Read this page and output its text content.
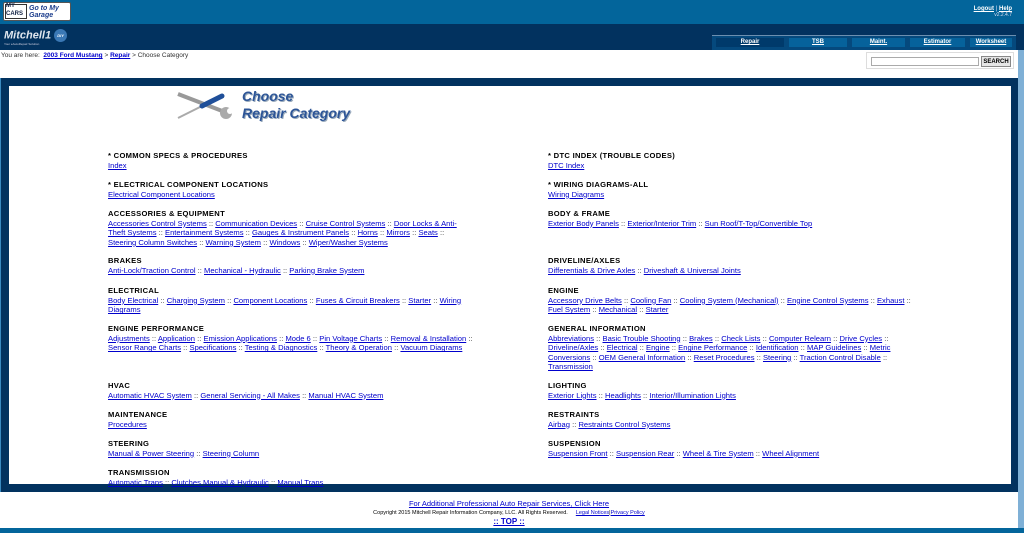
MY CARS
Go to My Garage
Logout | Help
v2.2.4.7
Mitchell1 DIY
Your eAutoRepair Solution	Repair	TSB	Maint.	Estimator	Worksheet
You are here: 2003 Ford Mustang > Repair > Choose Category
SEARCH
Choose
Repair Category
* COMMON SPECS & PROCEDURES
Index
* ELECTRICAL COMPONENT LOCATIONS
Electrical Component Locations
ACCESSORIES & EQUIPMENT
Accessories Control Systems :: Communication Devices :: Cruise Control Systems :: Door Locks & Anti-Theft Systems :: Entertainment Systems :: Gauges & Instrument Panels :: Horns :: Mirrors :: Seats :: Steering Column Switches :: Warning System :: Windows :: Wiper/Washer Systems
BRAKES
Anti-Lock/Traction Control :: Mechanical - Hydraulic :: Parking Brake System
ELECTRICAL
Body Electrical :: Charging System :: Component Locations :: Fuses & Circuit Breakers :: Starter :: Wiring Diagrams
ENGINE PERFORMANCE
Adjustments :: Application :: Emission Applications :: Mode 6 :: Pin Voltage Charts :: Removal & Installation :: Sensor Range Charts :: Specifications :: Testing & Diagnostics :: Theory & Operation :: Vacuum Diagrams
HVAC
Automatic HVAC System :: General Servicing - All Makes :: Manual HVAC System
MAINTENANCE
Procedures
STEERING
Manual & Power Steering :: Steering Column
TRANSMISSION
Automatic Trans :: Clutches Manual & Hydraulic :: Manual Trans
* DTC INDEX (TROUBLE CODES)
DTC Index
* WIRING DIAGRAMS-ALL
Wiring Diagrams
BODY & FRAME
Exterior Body Panels :: Exterior/Interior Trim :: Sun Roof/T-Top/Convertible Top
DRIVELINE/AXLES
Differentials & Drive Axles :: Driveshaft & Universal Joints
ENGINE
Accessory Drive Belts :: Cooling Fan :: Cooling System (Mechanical) :: Engine Control Systems :: Exhaust :: Fuel System :: Mechanical :: Starter
GENERAL INFORMATION
Abbreviations :: Basic Trouble Shooting :: Brakes :: Check Lists :: Computer Relearn :: Drive Cycles :: Driveline/Axles :: Electrical :: Engine :: Engine Performance :: Identification :: MAP Guidelines :: Metric Conversions :: OEM General Information :: Reset Procedures :: Steering :: Traction Control Disable :: Transmission
LIGHTING
Exterior Lights :: Headlights :: Interior/Illumination Lights
RESTRAINTS
Airbag :: Restraints Control Systems
SUSPENSION
Suspension Front :: Suspension Rear :: Wheel & Tire System :: Wheel Alignment
For Additional Professional Auto Repair Services, Click Here
Copyright 2015 Mitchell Repair Information Company, LLC. All Rights Reserved. Legal Notices|Privacy Policy
:: TOP ::
